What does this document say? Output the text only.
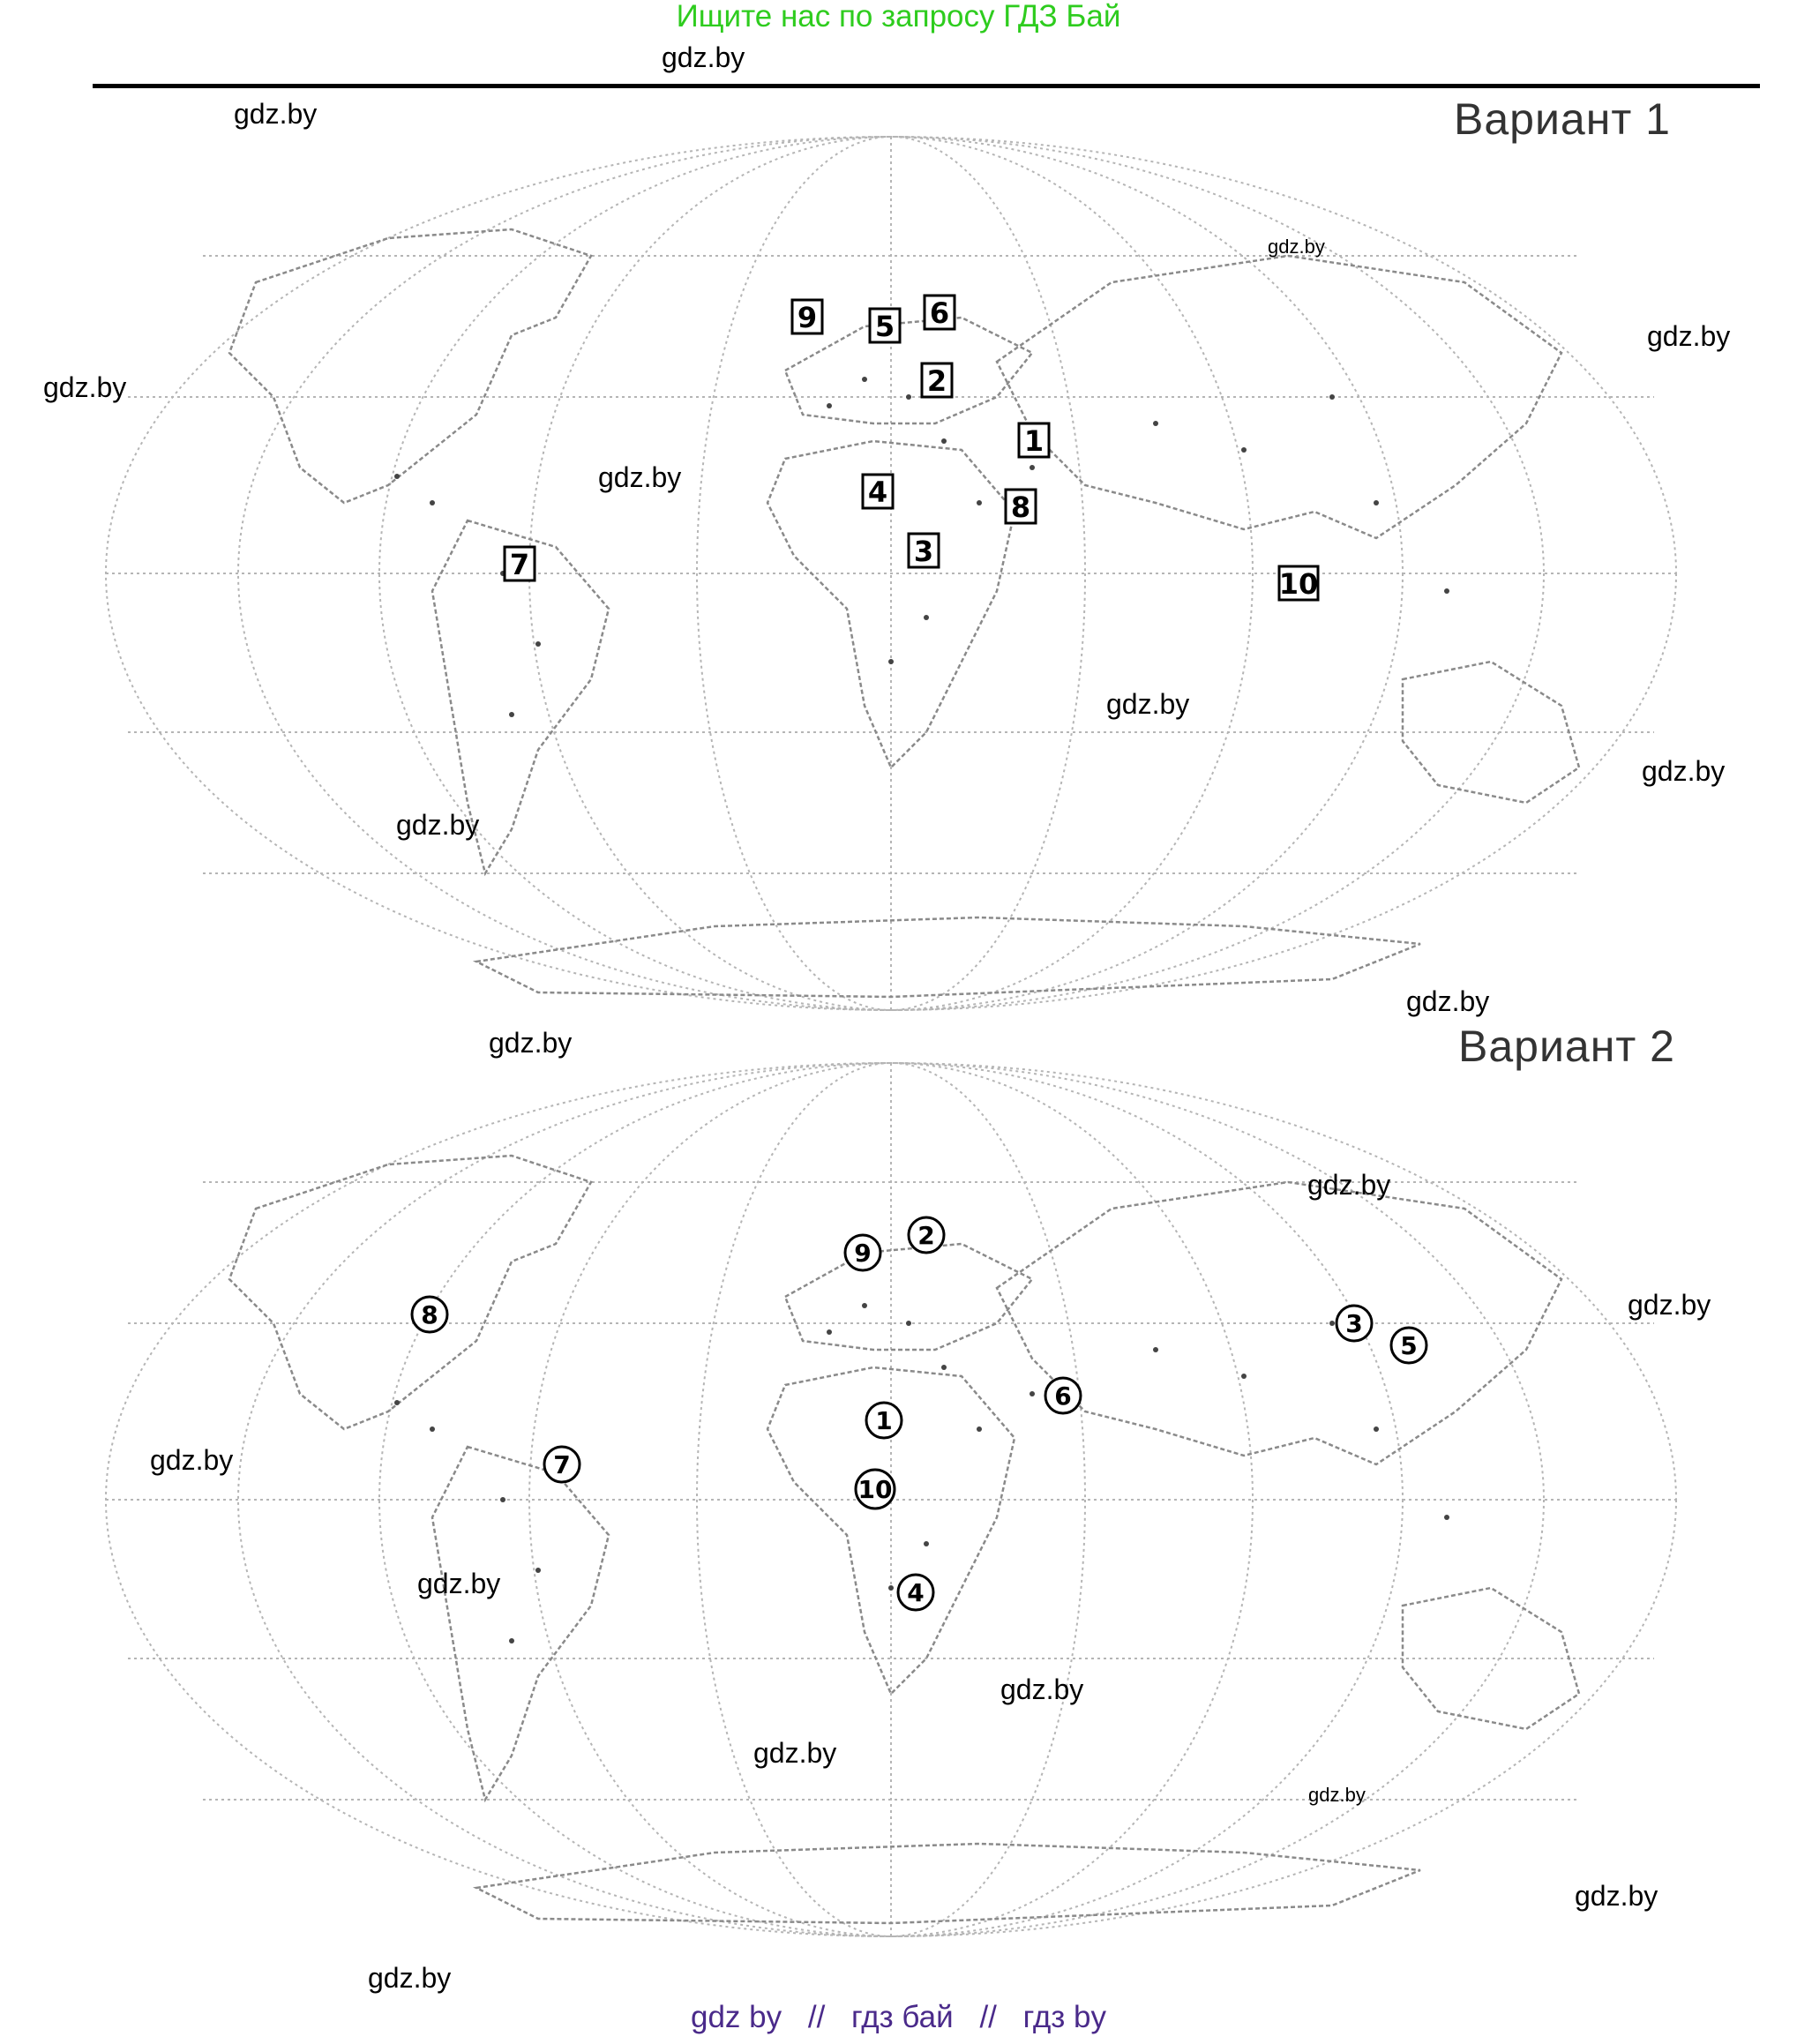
Ищите нас по запросу ГДЗ Бай
gdz.by
Вариант 1
1
2
3
4
5 6
7
8
9
10
Вариант 2
1
2
3
4
5
6
7
8
9
10
gdz.by
gdz.by
gdz.by
gdz.by
gdz.by
gdz.by
gdz.by
gdz.by
gdz.by
gdz.by
gdz.by
gdz.by
gdz.by
gdz.by
gdz.by
gdz.by
gdz.by
gdz.by
gdz.by
gdz by // гдз бай // гдз by
